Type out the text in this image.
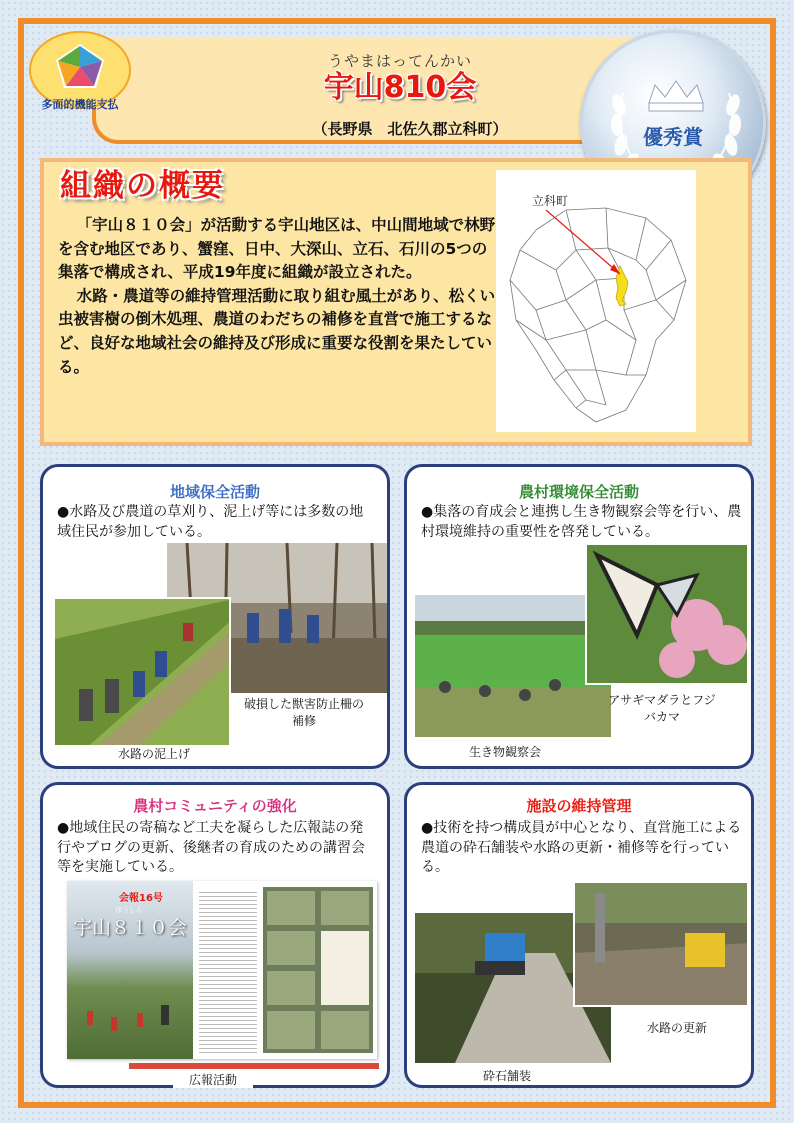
多面的機能支払
うやまはってんかい
宇山810会
（長野県　北佐久郡立科町）	優秀賞
組織の概要

「宇山８１０会」が活動する宇山地区は、中山間地域で林野を含む地区であり、蟹窪、日中、大深山、立石、石川の5つの集落で構成され、平成19年度に組織が設立された。

水路・農道等の維持管理活動に取り組む風土があり、松くい虫被害樹の倒木処理、農道のわだちの補修を直営で施工するなど、良好な地域社会の維持及び形成に重要な役割を果たしている。

立科町
地域保全活動
●水路及び農道の草刈り、泥上げ等には多数の地域住民が参加している。
破損した獣害防止柵の補修
水路の泥上げ
農村環境保全活動
●集落の育成会と連携し生き物観察会等を行い、農村環境維持の重要性を啓発している。
アサギマダラとフジバカマ
生き物観察会
農村コミュニティの強化
●地域住民の寄稿など工夫を凝らした広報誌の発行やブログの更新、後継者の育成のための講習会等を実施している。
会報16号
ほうしん
宇山８１０会
広報活動
施設の維持管理
●技術を持つ構成員が中心となり、直営施工による農道の砕石舗装や水路の更新・補修等を行っている。
水路の更新
砕石舗装
